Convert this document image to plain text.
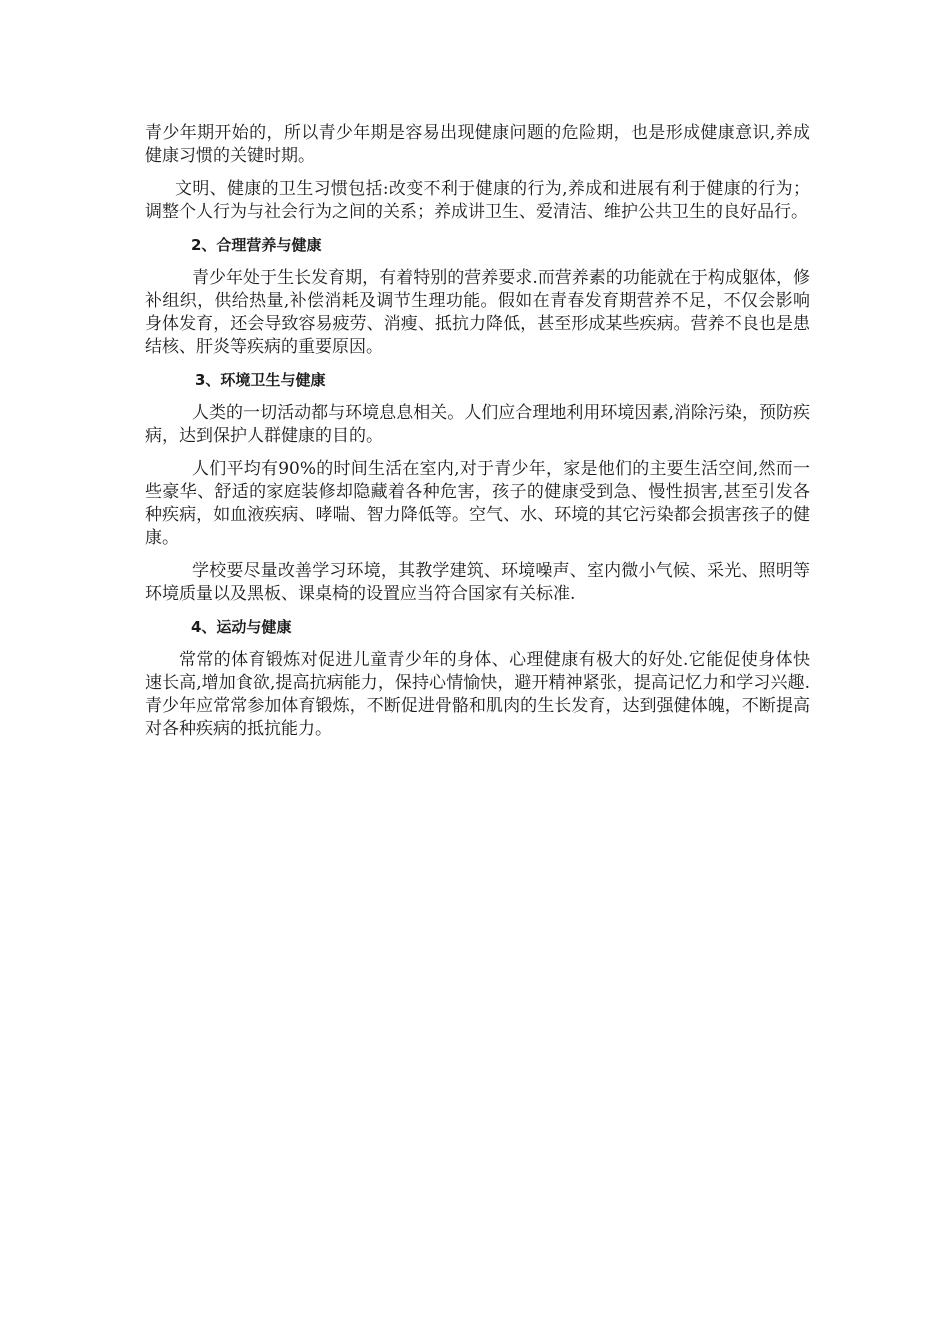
青少年期开始的，所以青少年期是容易出现健康问题的危险期，也是形成健康意识,养成健康习惯的关键时期。

文明、健康的卫生习惯包括:改变不利于健康的行为,养成和进展有利于健康的行为；调整个人行为与社会行为之间的关系；养成讲卫生、爱清洁、维护公共卫生的良好品行。

2、合理营养与健康

青少年处于生长发育期，有着特别的营养要求.而营养素的功能就在于构成躯体，修补组织，供给热量,补偿消耗及调节生理功能。假如在青春发育期营养不足，不仅会影响身体发育，还会导致容易疲劳、消瘦、抵抗力降低，甚至形成某些疾病。营养不良也是患结核、肝炎等疾病的重要原因。

3、环境卫生与健康

人类的一切活动都与环境息息相关。人们应合理地利用环境因素,消除污染，预防疾病，达到保护人群健康的目的。

人们平均有90%的时间生活在室内,对于青少年，家是他们的主要生活空间,然而一些豪华、舒适的家庭装修却隐藏着各种危害，孩子的健康受到急、慢性损害,甚至引发各种疾病，如血液疾病、哮喘、智力降低等。空气、水、环境的其它污染都会损害孩子的健康。

学校要尽量改善学习环境，其教学建筑、环境噪声、室内微小气候、采光、照明等环境质量以及黑板、课桌椅的设置应当符合国家有关标准.

4、运动与健康

常常的体育锻炼对促进儿童青少年的身体、心理健康有极大的好处.它能促使身体快速长高,增加食欲,提高抗病能力，保持心情愉快，避开精神紧张，提高记忆力和学习兴趣.青少年应常常参加体育锻炼，不断促进骨骼和肌肉的生长发育，达到强健体魄，不断提高对各种疾病的抵抗能力。
